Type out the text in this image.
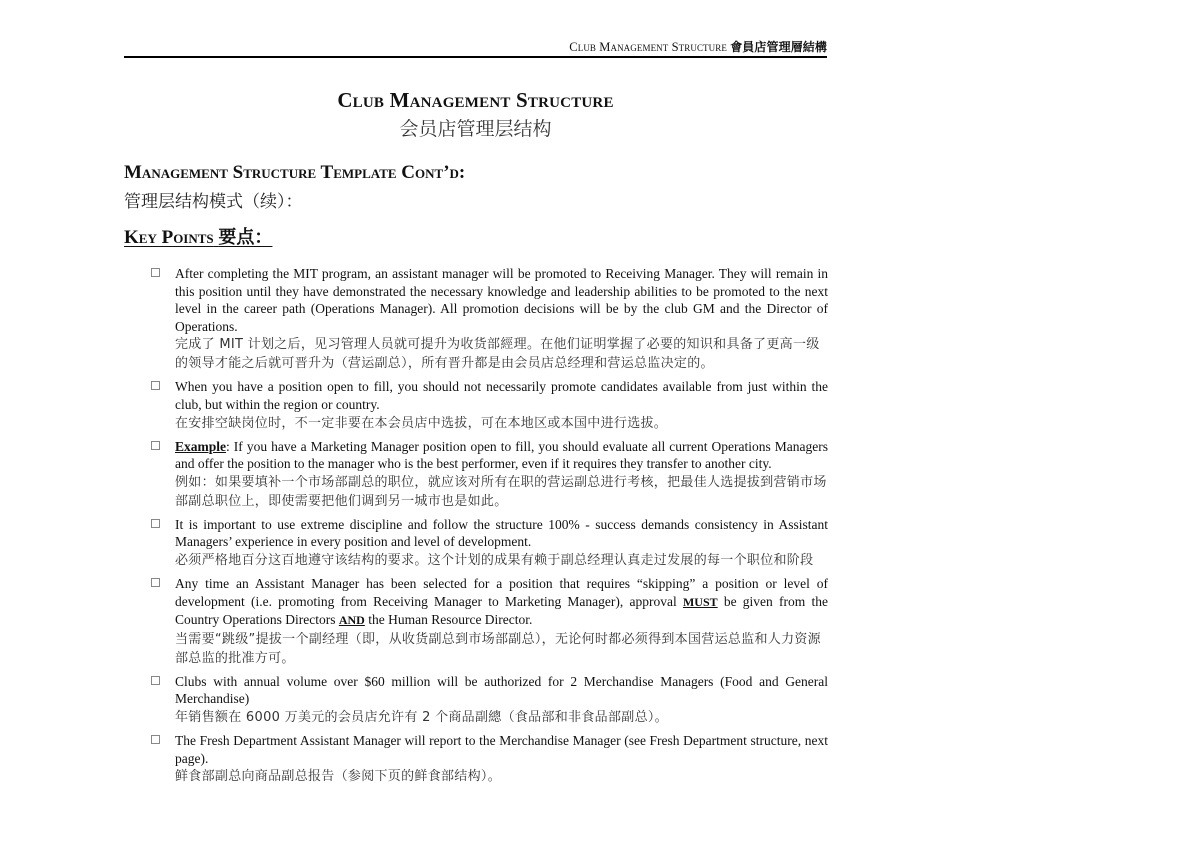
Club Management Structure 會員店管理層結構
Club Management Structure
会员店管理层结构
Management Structure Template Cont’d:
管理层结构模式（续）：
Key Points 要点：
After completing the MIT program, an assistant manager will be promoted to Receiving Manager. They will remain in this position until they have demonstrated the necessary knowledge and leadership abilities to be promoted to the next level in the career path (Operations Manager). All promotion decisions will be by the club GM and the Director of Operations.
完成了 MIT 计划之后，见习管理人员就可提升为收货部經理。在他们证明掌握了必要的知识和具备了更高一级的领导才能之后就可晋升为（营运副总），所有晋升都是由会员店总经理和营运总监决定的。
When you have a position open to fill, you should not necessarily promote candidates available from just within the club, but within the region or country.
在安排空缺岗位时，不一定非要在本会员店中选拔，可在本地区或本国中进行选拔。
Example: If you have a Marketing Manager position open to fill, you should evaluate all current Operations Managers and offer the position to the manager who is the best performer, even if it requires they transfer to another city.
例如：如果要填补一个市场部副总的职位，就应该对所有在职的营运副总进行考核，把最佳人选提拔到营销市场部副总职位上，即使需要把他们调到另一城市也是如此。
It is important to use extreme discipline and follow the structure 100% - success demands consistency in Assistant Managers’ experience in every position and level of development.
必须严格地百分这百地遵守该结构的要求。这个计划的成果有赖于副总经理认真走过发展的每一个职位和阶段
Any time an Assistant Manager has been selected for a position that requires “skipping” a position or level of development (i.e. promoting from Receiving Manager to Marketing Manager), approval MUST be given from the Country Operations Directors AND the Human Resource Director.
当需要“跳级”提拔一个副经理（即，从收货副总到市场部副总），无论何时都必须得到本国营运总监和人力资源部总监的批准方可。
Clubs with annual volume over $60 million will be authorized for 2 Merchandise Managers (Food and General Merchandise)
年销售额在 6000 万美元的会员店允许有 2 个商品副總（食品部和非食品部副总）。
The Fresh Department Assistant Manager will report to the Merchandise Manager (see Fresh Department structure, next page).
鲜食部副总向商品副总报告（参阅下页的鲜食部结构）。
